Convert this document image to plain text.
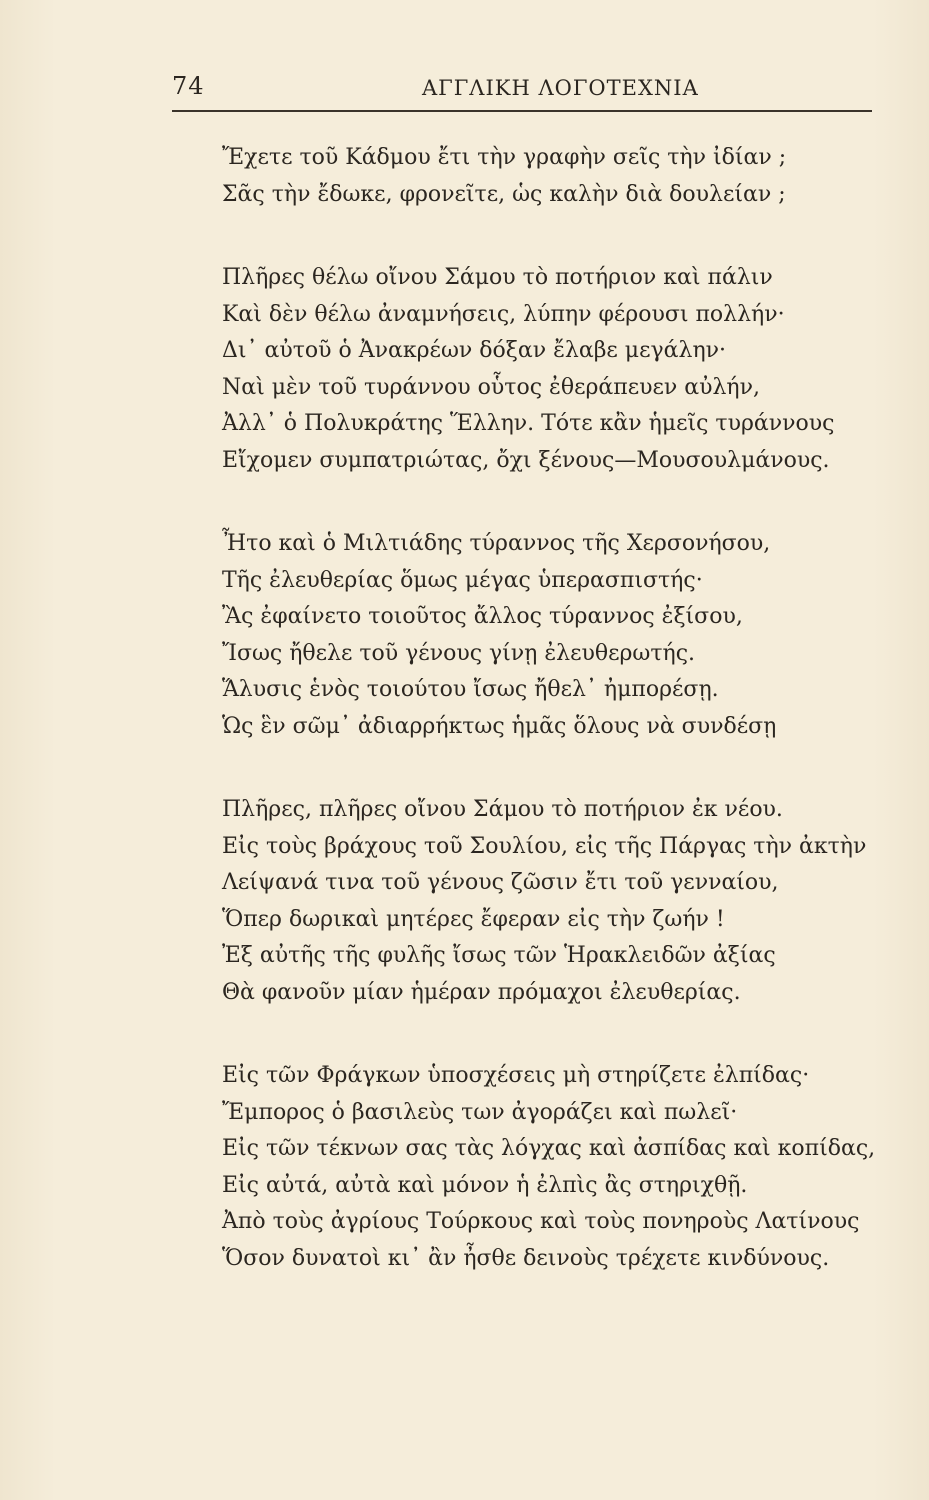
74	ΑΓΓΛΙΚΗ ΛΟΓΟΤΕΧΝΙΑ
Ἔχετε τοῦ Κάδμου ἔτι τὴν γραφὴν σεῖς τὴν ἰδίαν ;
Σᾶς τὴν ἔδωκε, φρονεῖτε, ὡς καλὴν διὰ δουλείαν ;
Πλῆρες θέλω οἴνου Σάμου τὸ ποτήριον καὶ πάλιν
Καὶ δὲν θέλω ἀναμνήσεις, λύπην φέρουσι πολλήν·
Δι᾽ αὐτοῦ ὁ Ἀνακρέων δόξαν ἔλαβε μεγάλην·
Ναὶ μὲν τοῦ τυράννου οὗτος ἐθεράπευεν αὐλήν,
Ἀλλ᾽ ὁ Πολυκράτης Ἕλλην. Τότε κἂν ἡμεῖς τυράννους
Εἴχομεν συμπατριώτας, ὄχι ξένους—Μουσουλμάνους.
Ἦτο καὶ ὁ Μιλτιάδης τύραννος τῆς Χερσονήσου,
Τῆς ἐλευθερίας ὅμως μέγας ὑπερασπιστής·
Ἂς ἐφαίνετο τοιοῦτος ἄλλος τύραννος ἐξίσου,
Ἴσως ἤθελε τοῦ γένους γίνῃ ἐλευθερωτής.
Ἅλυσις ἑνὸς τοιούτου ἴσως ἤθελ᾽ ἠμπορέσῃ.
Ὡς ἓν σῶμ᾽ ἀδιαρρήκτως ἡμᾶς ὅλους νὰ συνδέσῃ
Πλῆρες, πλῆρες οἴνου Σάμου τὸ ποτήριον ἐκ νέου.
Εἰς τοὺς βράχους τοῦ Σουλίου, εἰς τῆς Πάργας τὴν ἀκτὴν
Λείψανά τινα τοῦ γένους ζῶσιν ἔτι τοῦ γενναίου,
Ὅπερ δωρικαὶ μητέρες ἔφεραν εἰς τὴν ζωήν !
Ἐξ αὐτῆς τῆς φυλῆς ἴσως τῶν Ἡρακλειδῶν ἀξίας
Θὰ φανοῦν μίαν ἡμέραν πρόμαχοι ἐλευθερίας.
Εἰς τῶν Φράγκων ὑποσχέσεις μὴ στηρίζετε ἐλπίδας·
Ἔμπορος ὁ βασιλεὺς των ἀγοράζει καὶ πωλεῖ·
Εἰς τῶν τέκνων σας τὰς λόγχας καὶ ἀσπίδας καὶ κοπίδας,
Εἰς αὐτά, αὐτὰ καὶ μόνον ἡ ἐλπὶς ἂς στηριχθῇ.
Ἀπὸ τοὺς ἀγρίους Τούρκους καὶ τοὺς πονηροὺς Λατίνους
Ὅσον δυνατοὶ κι᾽ ἂν ἦσθε δεινοὺς τρέχετε κινδύνους.
